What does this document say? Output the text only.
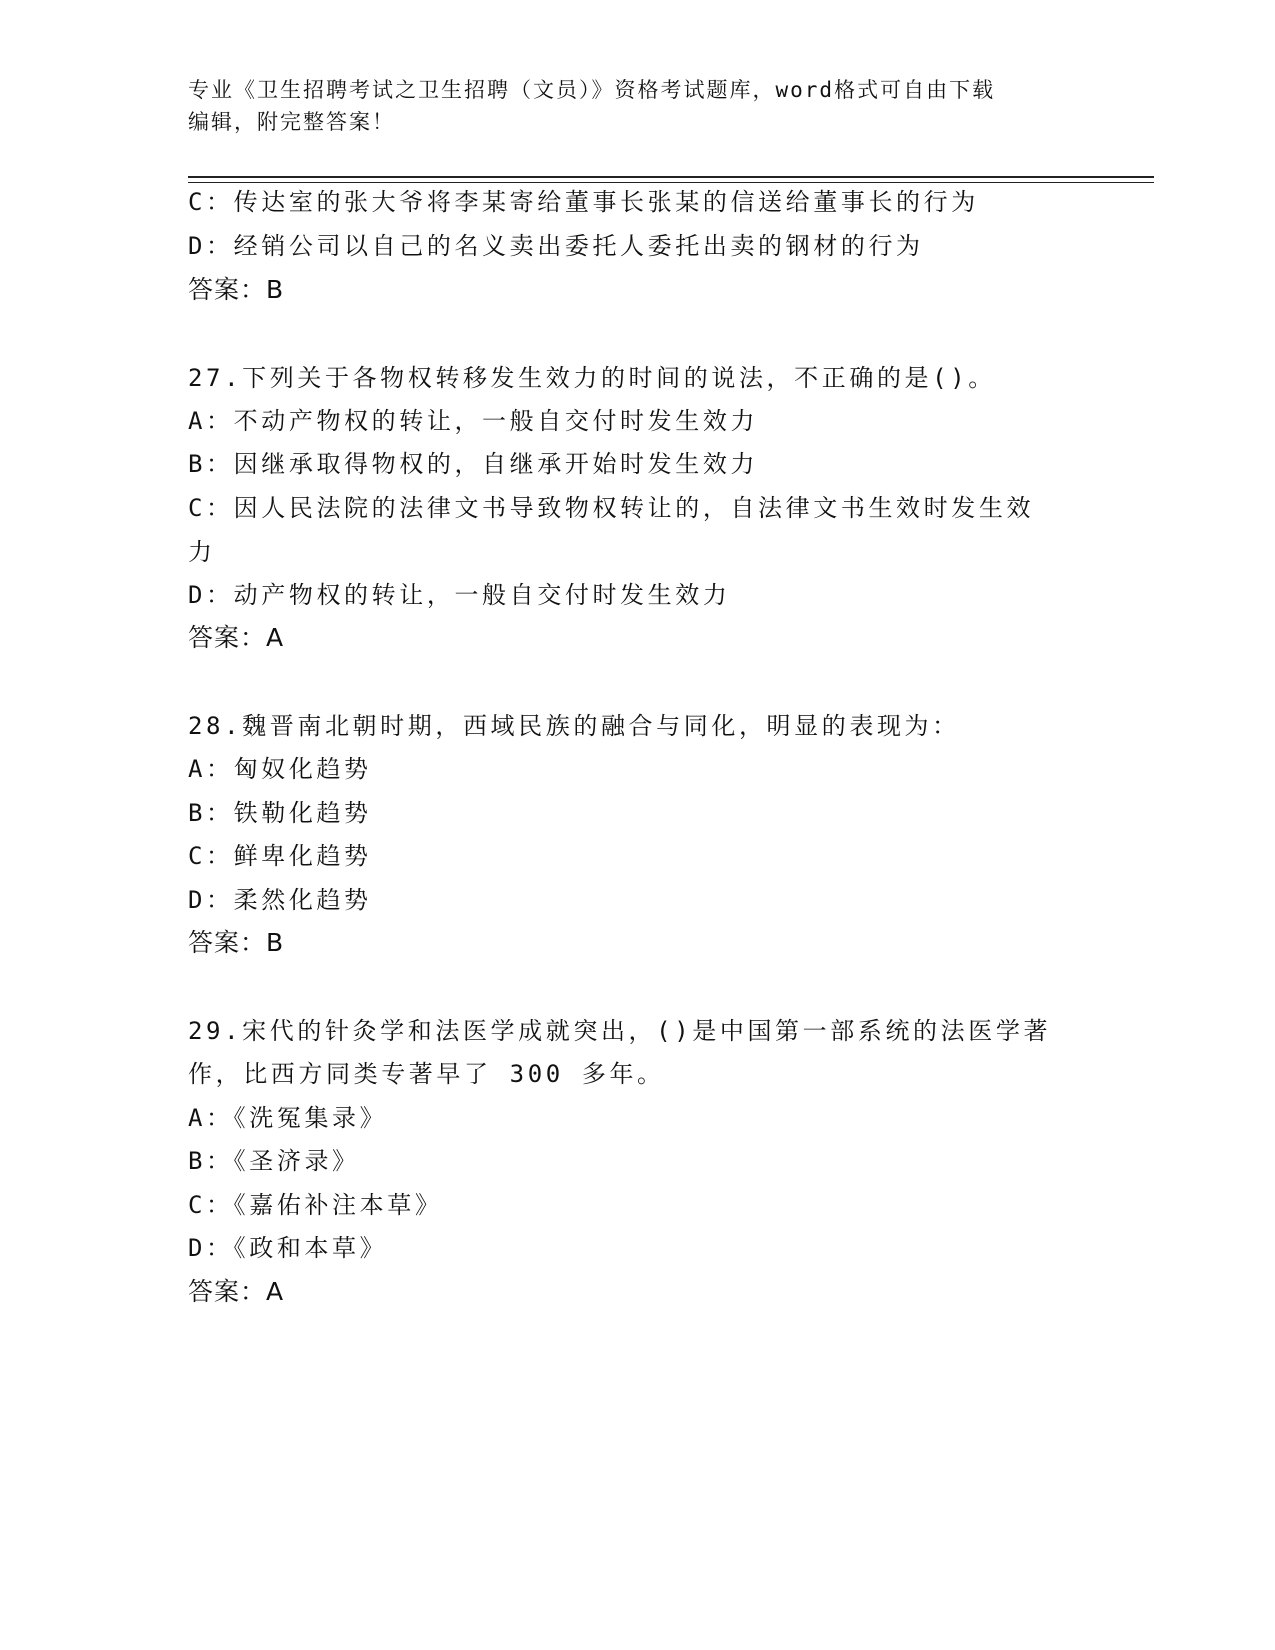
专业《卫生招聘考试之卫生招聘（文员）》资格考试题库，word格式可自由下载
编辑，附完整答案！
C：传达室的张大爷将李某寄给董事长张某的信送给董事长的行为
D：经销公司以自己的名义卖出委托人委托出卖的钢材的行为
答案：B
27.下列关于各物权转移发生效力的时间的说法，不正确的是()。
A：不动产物权的转让，一般自交付时发生效力
B：因继承取得物权的，自继承开始时发生效力
C：因人民法院的法律文书导致物权转让的，自法律文书生效时发生效
力
D：动产物权的转让，一般自交付时发生效力
答案：A
28.魏晋南北朝时期，西域民族的融合与同化，明显的表现为：
A：匈奴化趋势
B：铁勒化趋势
C：鲜卑化趋势
D：柔然化趋势
答案：B
29.宋代的针灸学和法医学成就突出，()是中国第一部系统的法医学著
作，比西方同类专著早了 300 多年。
A：《洗冤集录》
B：《圣济录》
C：《嘉佑补注本草》
D：《政和本草》
答案：A
